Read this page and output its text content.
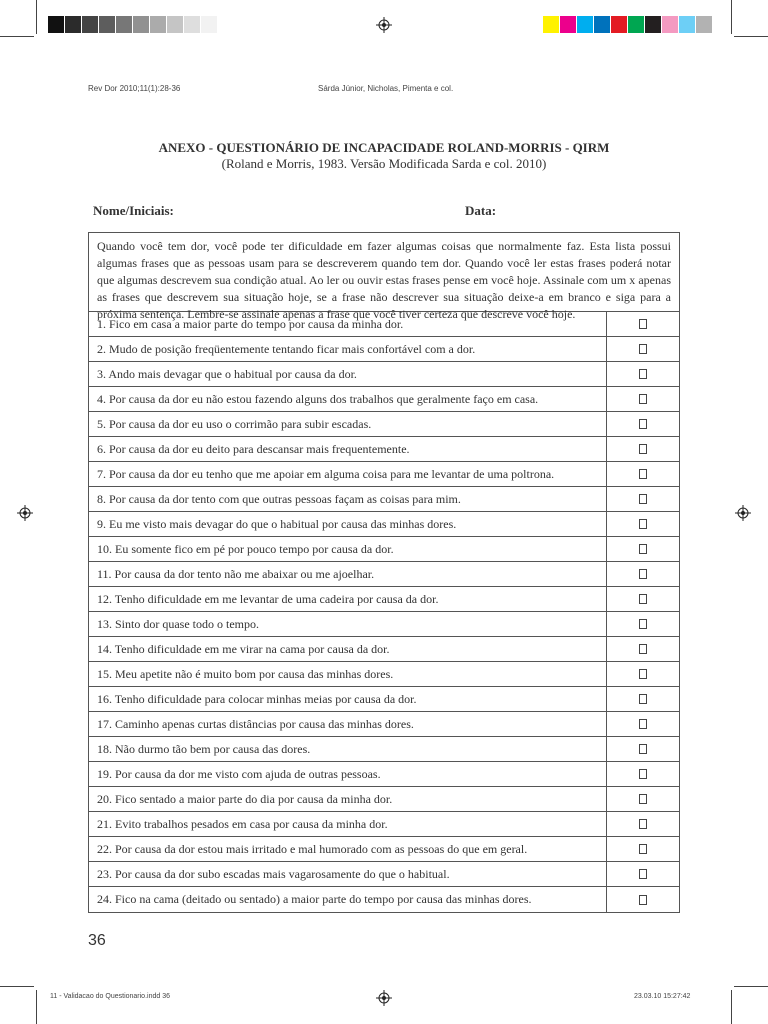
Rev Dor 2010;11(1):28-36	Sárda Júnior, Nicholas, Pimenta e col.
ANEXO - QUESTIONÁRIO DE INCAPACIDADE ROLAND-MORRIS - QIRM
(Roland e Morris, 1983. Versão Modificada Sarda e col. 2010)
Nome/Iniciais:	Data:
Quando você tem dor, você pode ter dificuldade em fazer algumas coisas que normalmente faz. Esta lista possui algumas frases que as pessoas usam para se descreverem quando tem dor. Quando você ler estas frases poderá notar que algumas descrevem sua condição atual. Ao ler ou ouvir estas frases pense em você hoje. Assinale com um x apenas as frases que descrevem sua situação hoje, se a frase não descrever sua situação deixe-a em branco e siga para a próxima sentença. Lembre-se assinale apenas a frase que você tiver certeza que descreve você hoje.
1. Fico em casa a maior parte do tempo por causa da minha dor.
2. Mudo de posição freqüentemente tentando ficar mais confortável com a dor.
3. Ando mais devagar que o habitual por causa da dor.
4. Por causa da dor eu não estou fazendo alguns dos trabalhos que geralmente faço em casa.
5. Por causa da dor eu uso o corrimão para subir escadas.
6. Por causa da dor eu deito para descansar mais frequentemente.
7. Por causa da dor eu tenho que me apoiar em alguma coisa para me levantar de uma poltrona.
8. Por causa da dor tento com que outras pessoas façam as coisas para mim.
9. Eu me visto mais devagar do que o habitual por causa das minhas dores.
10. Eu somente fico em pé por pouco tempo por causa da dor.
11. Por causa da dor tento não me abaixar ou me ajoelhar.
12. Tenho dificuldade em me levantar de uma cadeira por causa da dor.
13. Sinto dor quase todo o tempo.
14. Tenho dificuldade em me virar na cama por causa da dor.
15. Meu apetite não é muito bom por causa das minhas dores.
16. Tenho dificuldade para colocar minhas meias por causa da dor.
17. Caminho apenas curtas distâncias por causa das minhas dores.
18. Não durmo tão bem por causa das dores.
19. Por causa da dor me visto com ajuda de outras pessoas.
20. Fico sentado a maior parte do dia por causa da minha dor.
21. Evito trabalhos pesados em casa por causa da minha dor.
22. Por causa da dor estou mais irritado e mal humorado com as pessoas do que em geral.
23. Por causa da dor subo escadas mais vagarosamente do que o habitual.
24. Fico na cama (deitado ou sentado) a maior parte do tempo por causa das minhas dores.
36
11 - Validacao do Questionario.indd 36	23.03.10 15:27:42
